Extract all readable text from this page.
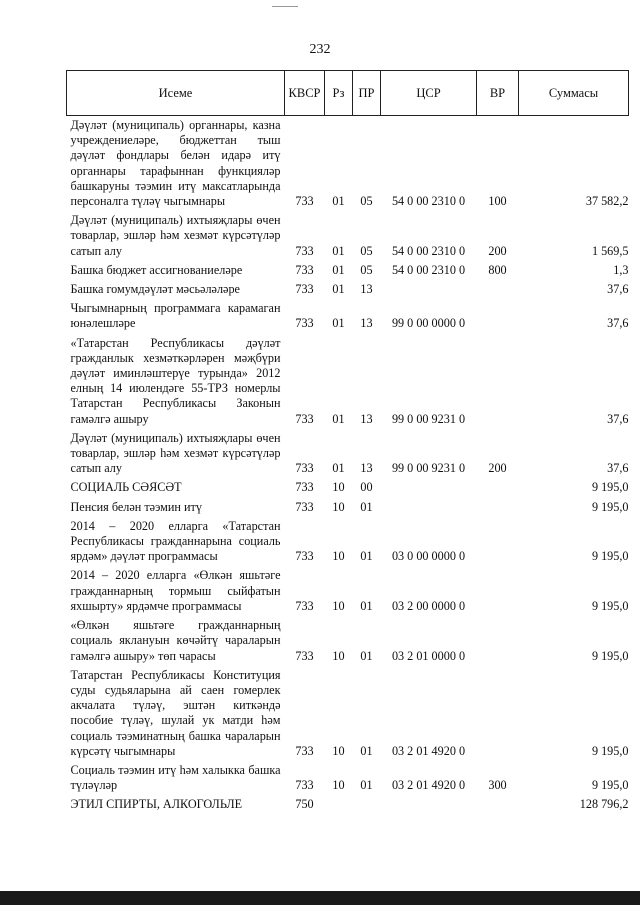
232
Исеме	КВСР	Рз	ПР	ЦСР	ВР	Суммасы
Дәүләт (муниципаль) органнары, казна учреждениеләре, бюджеттан тыш дәүләт фондлары белән идарә итү органнары тарафыннан функцияләр башкаруны тәэмин итү максатларында персоналга түләү чыгымнары	733	01	05	54 0 00 2310 0	100	37 582,2
Дәүләт (муниципаль) ихтыяҗлары өчен товарлар, эшләр һәм хезмәт күрсәтүләр сатып алу	733	01	05	54 0 00 2310 0	200	1 569,5
Башка бюджет ассигнованиеләре	733	01	05	54 0 00 2310 0	800	1,3
Башка гомумдәүләт мәсьәләләре	733	01	13			37,6
Чыгымнарның программага карамаган юнәлешләре	733	01	13	99 0 00 0000 0		37,6
«Татарстан Республикасы дәүләт гражданлык хезмәткәрләрен мәҗбүри дәүләт иминләштерүе турында» 2012 елның 14 июлендәге 55-ТРЗ номерлы Татарстан Республикасы Законын гамәлгә ашыру	733	01	13	99 0 00 9231 0		37,6
Дәүләт (муниципаль) ихтыяҗлары өчен товарлар, эшләр һәм хезмәт күрсәтүләр сатып алу	733	01	13	99 0 00 9231 0	200	37,6
СОЦИАЛЬ СӘЯСӘТ	733	10	00			9 195,0
Пенсия белән тәэмин итү	733	10	01			9 195,0
2014 – 2020 елларга «Татарстан Республикасы гражданнарына социаль ярдәм» дәүләт программасы	733	10	01	03 0 00 0000 0		9 195,0
2014 – 2020 елларга «Өлкән яшьтәге гражданнарның тормыш сыйфатын яхшырту» ярдәмче программасы	733	10	01	03 2 00 0000 0		9 195,0
«Өлкән яшьтәге гражданнарның социаль яклануын көчәйтү чараларын гамәлгә ашыру» төп чарасы	733	10	01	03 2 01 0000 0		9 195,0
Татарстан Республикасы Конституция суды судьяларына ай саен гомерлек акчалата түләү, эштән киткәндә пособие түләү, шулай ук матди һәм социаль тәэминатның башка чараларын күрсәтү чыгымнары	733	10	01	03 2 01 4920 0		9 195,0
Социаль тәэмин итү һәм халыкка башка түләүләр	733	10	01	03 2 01 4920 0	300	9 195,0
ЭТИЛ СПИРТЫ, АЛКОГОЛЬЛЕ	750					128 796,2
